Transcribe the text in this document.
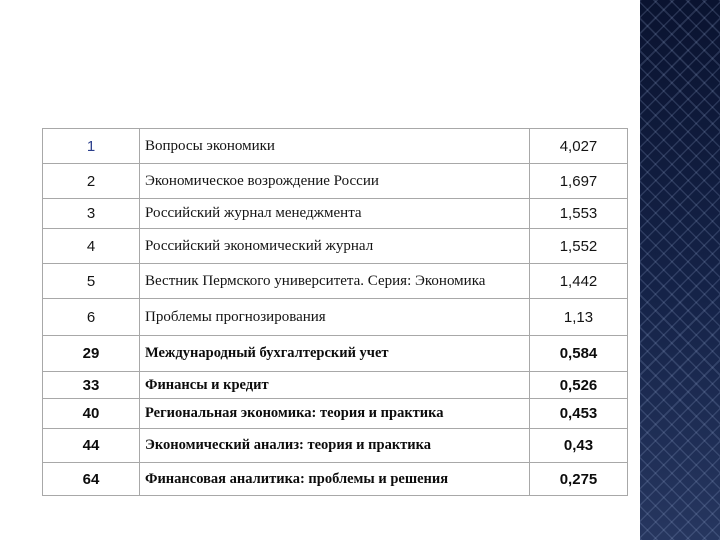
1	Вопросы экономики	4,027
2	Экономическое возрождение России	1,697
3	Российский журнал менеджмента	1,553
4	Российский экономический журнал	1,552
5	Вестник Пермского университета. Серия: Экономика	1,442
6	Проблемы прогнозирования	1,13
29	Международный бухгалтерский учет	0,584
33	Финансы и кредит	0,526
40	Региональная экономика: теория и практика	0,453
44	Экономический анализ: теория и практика	0,43
64	Финансовая аналитика: проблемы и решения	0,275
